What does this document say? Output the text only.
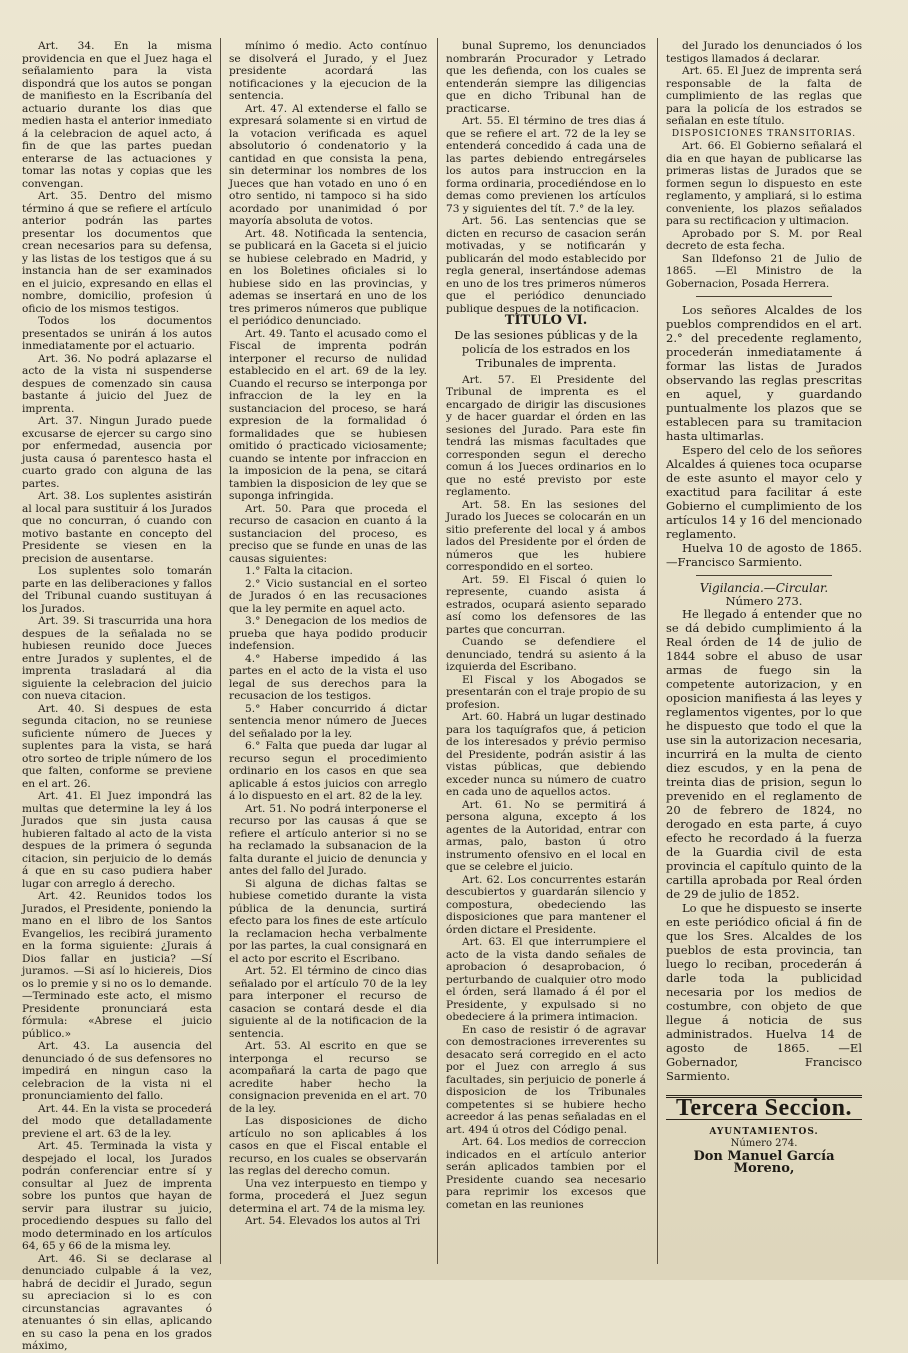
Art. 34. En la misma providencia en que el Juez haga el señalamiento para la vista dispondrá que los autos se pongan de manifiesto en la Escribanía del actuario durante los dias que medien hasta el anterior inmediato á la celebracion de aquel acto, á fin de que las partes puedan enterarse de las actuaciones y tomar las notas y copias que les convengan.

Art. 35. Dentro del mismo término á que se refiere el artículo anterior podrán las partes presentar los documentos que crean necesarios para su defensa, y las listas de los testigos que á su instancia han de ser examinados en el juicio, expresando en ellas el nombre, domicilio, profesion ú oficio de los mismos testigos.

Todos los documentos presentados se unirán á los autos inmediatamente por el actuario.

Art. 36. No podrá aplazarse el acto de la vista ni suspenderse despues de comenzado sin causa bastante á juicio del Juez de imprenta.

Art. 37. Ningun Jurado puede excusarse de ejercer su cargo sino por enfermedad, ausencia por justa causa ó parentesco hasta el cuarto grado con alguna de las partes.

Art. 38. Los suplentes asistirán al local para sustituir á los Jurados que no concurran, ó cuando con motivo bastante en concepto del Presidente se viesen en la precision de ausentarse.

Los suplentes solo tomarán parte en las deliberaciones y fallos del Tribunal cuando sustituyan á los Jurados.

Art. 39. Si trascurrida una hora despues de la señalada no se hubiesen reunido doce Jueces entre Jurados y suplentes, el de imprenta trasladará al dia siguiente la celebracion del juicio con nueva citacion.

Art. 40. Si despues de esta segunda citacion, no se reuniese suficiente número de Jueces y suplentes para la vista, se hará otro sorteo de triple número de los que falten, conforme se previene en el art. 26.

Art. 41. El Juez impondrá las multas que determine la ley á los Jurados que sin justa causa hubieren faltado al acto de la vista despues de la primera ó segunda citacion, sin perjuicio de lo demás á que en su caso pudiera haber lugar con arreglo á derecho.

Art. 42. Reunidos todos los Jurados, el Presidente, poniendo la mano en el libro de los Santos Evangelios, les recibirá juramento en la forma siguiente: ¿Jurais á Dios fallar en justicia? —Sí juramos. —Si así lo hiciereis, Dios os lo premie y si no os lo demande. —Terminado este acto, el mismo Presidente pronunciará esta fórmula: «Abrese el juicio público.»

Art. 43. La ausencia del denunciado ó de sus defensores no impedirá en ningun caso la celebracion de la vista ni el pronunciamiento del fallo.

Art. 44. En la vista se procederá del modo que detalladamente previene el art. 63 de la ley.

Art. 45. Terminada la vista y despejado el local, los Jurados podrán conferenciar entre sí y consultar al Juez de imprenta sobre los puntos que hayan de servir para ilustrar su juicio, procediendo despues su fallo del modo determinado en los artículos 64, 65 y 66 de la misma ley.

Art. 46. Si se declarase al denunciado culpable á la vez, habrá de decidir el Jurado, segun su apreciacion si lo es con circunstancias agravantes ó atenuantes ó sin ellas, aplicando en su caso la pena en los grados máximo,

mínimo ó medio. Acto contínuo se disolverá el Jurado, y el Juez presidente acordará las notificaciones y la ejecucion de la sentencia.

Art. 47. Al extenderse el fallo se expresará solamente si en virtud de la votacion verificada es aquel absolutorio ó condenatorio y la cantidad en que consista la pena, sin determinar los nombres de los Jueces que han votado en uno ó en otro sentido, ni tampoco si ha sido acordado por unanimidad ó por mayoría absoluta de votos.

Art. 48. Notificada la sentencia, se publicará en la Gaceta si el juicio se hubiese celebrado en Madrid, y en los Boletines oficiales si lo hubiese sido en las provincias, y ademas se insertará en uno de los tres primeros números que publique el periódico denunciado.

Art. 49. Tanto el acusado como el Fiscal de imprenta podrán interponer el recurso de nulidad establecido en el art. 69 de la ley. Cuando el recurso se interponga por infraccion de la ley en la sustanciacion del proceso, se hará expresion de la formalidad ó formalidades que se hubiesen omitido ó practicado viciosamente; cuando se intente por infraccion en la imposicion de la pena, se citará tambien la disposicion de ley que se suponga infringida.

Art. 50. Para que proceda el recurso de casacion en cuanto á la sustanciacion del proceso, es preciso que se funde en unas de las causas siguientes:

1.° Falta la citacion.

2.° Vicio sustancial en el sorteo de Jurados ó en las recusaciones que la ley permite en aquel acto.

3.° Denegacion de los medios de prueba que haya podido producir indefension.

4.° Haberse impedido á las partes en el acto de la vista el uso legal de sus derechos para la recusacion de los testigos.

5.° Haber concurrido á dictar sentencia menor número de Jueces del señalado por la ley.

6.° Falta que pueda dar lugar al recurso segun el procedimiento ordinario en los casos en que sea aplicable á estos juicios con arreglo á lo dispuesto en el art. 82 de la ley.

Art. 51. No podrá interponerse el recurso por las causas á que se refiere el artículo anterior si no se ha reclamado la subsanacion de la falta durante el juicio de denuncia y antes del fallo del Jurado.

Si alguna de dichas faltas se hubiese cometido durante la vista pública de la denuncia, surtirá efecto para los fines de este artículo la reclamacion hecha verbalmente por las partes, la cual consignará en el acto por escrito el Escribano.

Art. 52. El término de cinco dias señalado por el artículo 70 de la ley para interponer el recurso de casacion se contará desde el dia siguiente al de la notificacion de la sentencia.

Art. 53. Al escrito en que se interponga el recurso se acompañará la carta de pago que acredite haber hecho la consignacion prevenida en el art. 70 de la ley.

Las disposiciones de dicho artículo no son aplicables á los casos en que el Fiscal entable el recurso, en los cuales se observarán las reglas del derecho comun.

Una vez interpuesto en tiempo y forma, procederá el Juez segun determina el art. 74 de la misma ley.

Art. 54. Elevados los autos al Tri

bunal Supremo, los denunciados nombrarán Procurador y Letrado que les defienda, con los cuales se entenderán siempre las diligencias que en dicho Tribunal han de practicarse.

Art. 55. El término de tres dias á que se refiere el art. 72 de la ley se entenderá concedido á cada una de las partes debiendo entregárseles los autos para instruccion en la forma ordinaria, procediéndose en lo demas como previenen los artículos 73 y siguientes del tít. 7.° de la ley.

Art. 56. Las sentencias que se dicten en recurso de casacion serán motivadas, y se notificarán y publicarán del modo establecido por regla general, insertándose ademas en uno de los tres primeros números que el periódico denunciado publique despues de la notificacion.

TITULO VI.

De las sesiones públicas y de la policía de los estrados en los Tribunales de imprenta.

Art. 57. El Presidente del Tribunal de imprenta es el encargado de dirigir las discusiones y de hacer guardar el órden en las sesiones del Jurado. Para este fin tendrá las mismas facultades que corresponden segun el derecho comun á los Jueces ordinarios en lo que no esté previsto por este reglamento.

Art. 58. En las sesiones del Jurado los Jueces se colocarán en un sitio preferente del local y á ambos lados del Presidente por el órden de números que les hubiere correspondido en el sorteo.

Art. 59. El Fiscal ó quien lo represente, cuando asista á estrados, ocupará asiento separado así como los defensores de las partes que concurran.

Cuando se defendiere el denunciado, tendrá su asiento á la izquierda del Escribano.

El Fiscal y los Abogados se presentarán con el traje propio de su profesion.

Art. 60. Habrá un lugar destinado para los taquígrafos que, á peticion de los interesados y prévio permiso del Presidente, podrán asistir á las vistas públicas, que debiendo exceder nunca su número de cuatro en cada uno de aquellos actos.

Art. 61. No se permitirá á persona alguna, excepto á los agentes de la Autoridad, entrar con armas, palo, baston ú otro instrumento ofensivo en el local en que se celebre el juicio.

Art. 62. Los concurrentes estarán descubiertos y guardarán silencio y compostura, obedeciendo las disposiciones que para mantener el órden dictare el Presidente.

Art. 63. El que interrumpiere el acto de la vista dando señales de aprobacion ó desaprobacion, ó perturbando de cualquier otro modo el órden, será llamado á él por el Presidente, y expulsado si no obedeciere á la primera intimacion.

En caso de resistir ó de agravar con demostraciones irreverentes su desacato será corregido en el acto por el Juez con arreglo á sus facultades, sin perjuicio de ponerle á disposicion de los Tribunales competentes si se hubiere hecho acreedor á las penas señaladas en el art. 494 ú otros del Código penal.

Art. 64. Los medios de correccion indicados en el artículo anterior serán aplicados tambien por el Presidente cuando sea necesario para reprimir los excesos que cometan en las reuniones

del Jurado los denunciados ó los testigos llamados á declarar.

Art. 65. El Juez de imprenta será responsable de la falta de cumplimiento de las reglas que para la policía de los estrados se señalan en este título.

DISPOSICIONES TRANSITORIAS.

Art. 66. El Gobierno señalará el dia en que hayan de publicarse las primeras listas de Jurados que se formen segun lo dispuesto en este reglamento, y ampliará, si lo estima conveniente, los plazos señalados para su rectificacion y ultimacion.

Aprobado por S. M. por Real decreto de esta fecha.

San Ildefonso 21 de Julio de 1865. —El Ministro de la Gobernacion, Posada Herrera.

Los señores Alcaldes de los pueblos comprendidos en el art. 2.° del precedente reglamento, procederán inmediatamente á formar las listas de Jurados observando las reglas prescritas en aquel, y guardando puntualmente los plazos que se establecen para su tramitacion hasta ultimarlas.

Espero del celo de los señores Alcaldes á quienes toca ocuparse de este asunto el mayor celo y exactitud para facilitar á este Gobierno el cumplimiento de los artículos 14 y 16 del mencionado reglamento.

Huelva 10 de agosto de 1865.—Francisco Sarmiento.

Vigilancia.—Circular.

Número 273.

He llegado á entender que no se dá debido cumplimiento á la Real órden de 14 de julio de 1844 sobre el abuso de usar armas de fuego sin la competente autorizacion, y en oposicion manifiesta á las leyes y reglamentos vigentes, por lo que he dispuesto que todo el que la use sin la autorizacion necesaria, incurrirá en la multa de ciento diez escudos, y en la pena de treinta dias de prision, segun lo prevenido en el reglamento de 20 de febrero de 1824, no derogado en esta parte, á cuyo efecto he recordado á la fuerza de la Guardia civil de esta provincia el capítulo quinto de la cartilla aprobada por Real órden de 29 de julio de 1852.

Lo que he dispuesto se inserte en este periódico oficial á fin de que los Sres. Alcaldes de los pueblos de esta provincia, tan luego lo reciban, procederán á darle toda la publicidad necesaria por los medios de costumbre, con objeto de que llegue á noticia de sus administrados. Huelva 14 de agosto de 1865. —El Gobernador, Francisco Sarmiento.

Tercera Seccion.

AYUNTAMIENTOS.

Número 274.

Don Manuel García Moreno,
